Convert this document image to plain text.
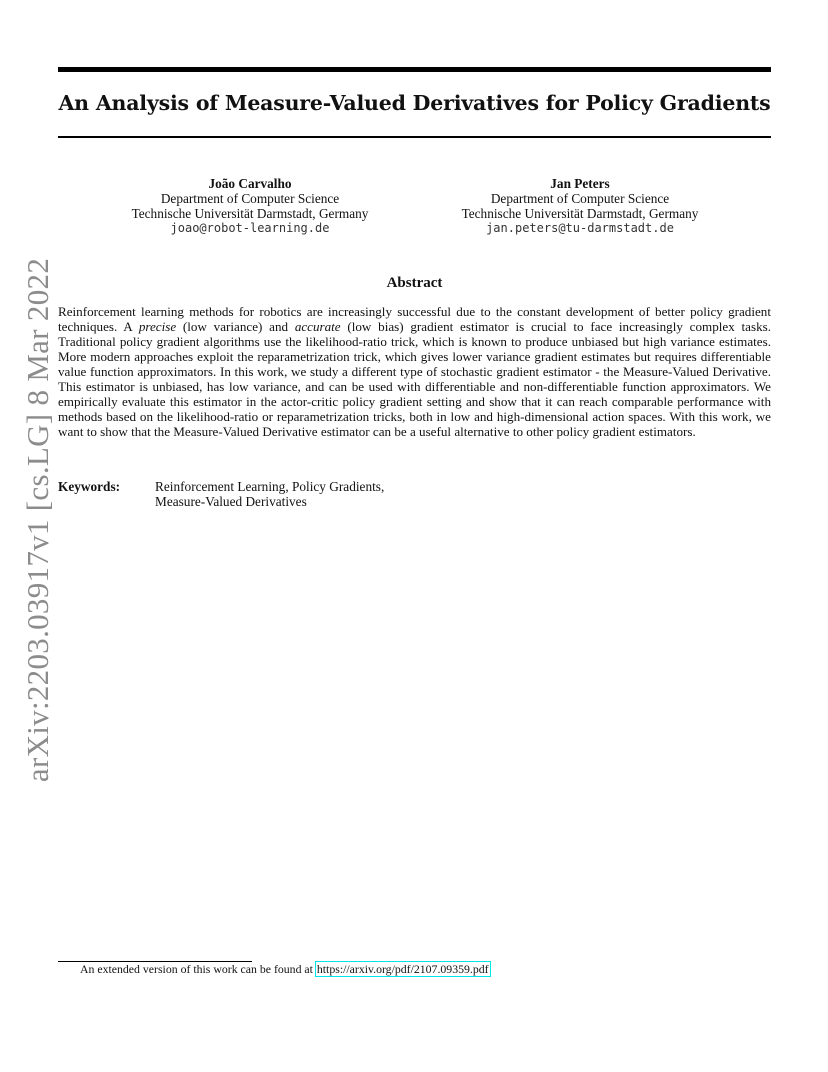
An Analysis of Measure-Valued Derivatives for Policy Gradients
João Carvalho
Department of Computer Science
Technische Universität Darmstadt, Germany
joao@robot-learning.de
Jan Peters
Department of Computer Science
Technische Universität Darmstadt, Germany
jan.peters@tu-darmstadt.de
Abstract

Reinforcement learning methods for robotics are increasingly successful due to the constant development of better policy gradient techniques. A precise (low variance) and accurate (low bias) gradient estimator is crucial to face increasingly complex tasks. Traditional policy gradient algorithms use the likelihood-ratio trick, which is known to produce unbiased but high variance estimates. More modern approaches exploit the reparametrization trick, which gives lower variance gradient estimates but requires differentiable value function approximators. In this work, we study a different type of stochastic gradient estimator - the Measure-Valued Derivative. This estimator is unbiased, has low variance, and can be used with differentiable and non-differentiable function approximators. We empirically evaluate this estimator in the actor-critic policy gradient setting and show that it can reach comparable performance with methods based on the likelihood-ratio or reparametrization tricks, both in low and high-dimensional action spaces. With this work, we want to show that the Measure-Valued Derivative estimator can be a useful alternative to other policy gradient estimators.

Keywords:	Reinforcement Learning, Policy Gradients,
Measure-Valued Derivatives
arXiv:2203.03917v1 [cs.LG] 8 Mar 2022
An extended version of this work can be found at https://arxiv.org/pdf/2107.09359.pdf
